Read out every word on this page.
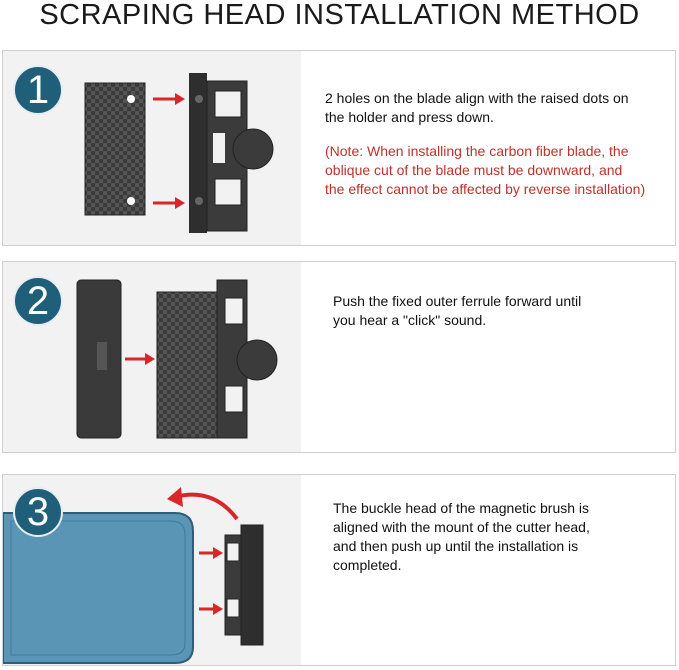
SCRAPING HEAD INSTALLATION METHOD
1	2 holes on the blade align with the raised dots on
the holder and press down.
(Note: When installing the carbon fiber blade, the
oblique cut of the blade must be downward, and
the effect cannot be affected by reverse installation)
2	Push the fixed outer ferrule forward until
you hear a "click" sound.
3	The buckle head of the magnetic brush is
aligned with the mount of the cutter head,
and then push up until the installation is
completed.
